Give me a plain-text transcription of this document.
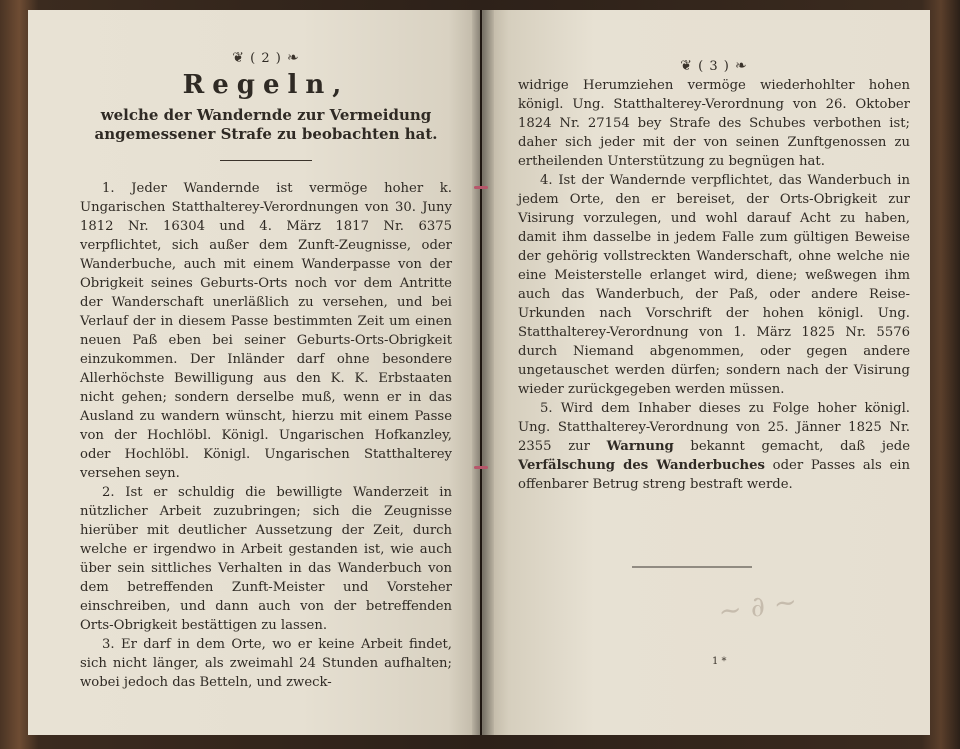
❦ ( 2 ) ❧
Regeln,

welche der Wandernde zur Vermeidung angemessener Strafe zu beobachten hat.

1. Jeder Wandernde ist vermöge hoher k. Ungarischen Statthalterey-Verordnungen von 30. Juny 1812 Nr. 16304 und 4. März 1817 Nr. 6375 verpflichtet, sich außer dem Zunft-Zeugnisse, oder Wanderbuche, auch mit einem Wanderpasse von der Obrigkeit seines Geburts-Orts noch vor dem Antritte der Wanderschaft unerläßlich zu versehen, und bei Verlauf der in diesem Passe bestimmten Zeit um einen neuen Paß eben bei seiner Geburts-Orts-Obrigkeit einzukommen. Der Inländer darf ohne besondere Allerhöchste Bewilligung aus den K. K. Erbstaaten nicht gehen; sondern derselbe muß, wenn er in das Ausland zu wandern wünscht, hierzu mit einem Passe von der Hochlöbl. Königl. Ungarischen Hofkanzley, oder Hochlöbl. Königl. Ungarischen Statthalterey versehen seyn.

2. Ist er schuldig die bewilligte Wanderzeit in nützlicher Arbeit zuzubringen; sich die Zeugnisse hierüber mit deutlicher Aussetzung der Zeit, durch welche er irgendwo in Arbeit gestanden ist, wie auch über sein sittliches Verhalten in das Wanderbuch von dem betreffenden Zunft-Meister und Vorsteher einschreiben, und dann auch von der betreffenden Orts-Obrigkeit bestättigen zu lassen.

3. Er darf in dem Orte, wo er keine Arbeit findet, sich nicht länger, als zweimahl 24 Stunden aufhalten; wobei jedoch das Betteln, und zweck-

❦ ( 3 ) ❧

widrige Herumziehen vermöge wiederhohlter hohen königl. Ung. Statthalterey-Verordnung von 26. Oktober 1824 Nr. 27154 bey Strafe des Schubes verbothen ist; daher sich jeder mit der von seinen Zunftgenossen zu ertheilenden Unterstützung zu begnügen hat.

4. Ist der Wandernde verpflichtet, das Wanderbuch in jedem Orte, den er bereiset, der Orts-Obrigkeit zur Visirung vorzulegen, und wohl darauf Acht zu haben, damit ihm dasselbe in jedem Falle zum gültigen Beweise der gehörig vollstreckten Wanderschaft, ohne welche nie eine Meisterstelle erlanget wird, diene; weßwegen ihm auch das Wanderbuch, der Paß, oder andere Reise-Urkunden nach Vorschrift der hohen königl. Ung. Statthalterey-Verordnung von 1. März 1825 Nr. 5576 durch Niemand abgenommen, oder gegen andere ungetauschet werden dürfen; sondern nach der Visirung wieder zurückgegeben werden müssen.

5. Wird dem Inhaber dieses zu Folge hoher königl. Ung. Statthalterey-Verordnung von 25. Jänner 1825 Nr. 2355 zur Warnung bekannt gemacht, daß jede Verfälschung des Wanderbuches oder Passes als ein offenbarer Betrug streng bestraft werde.

~ ∂ ~
1 *
